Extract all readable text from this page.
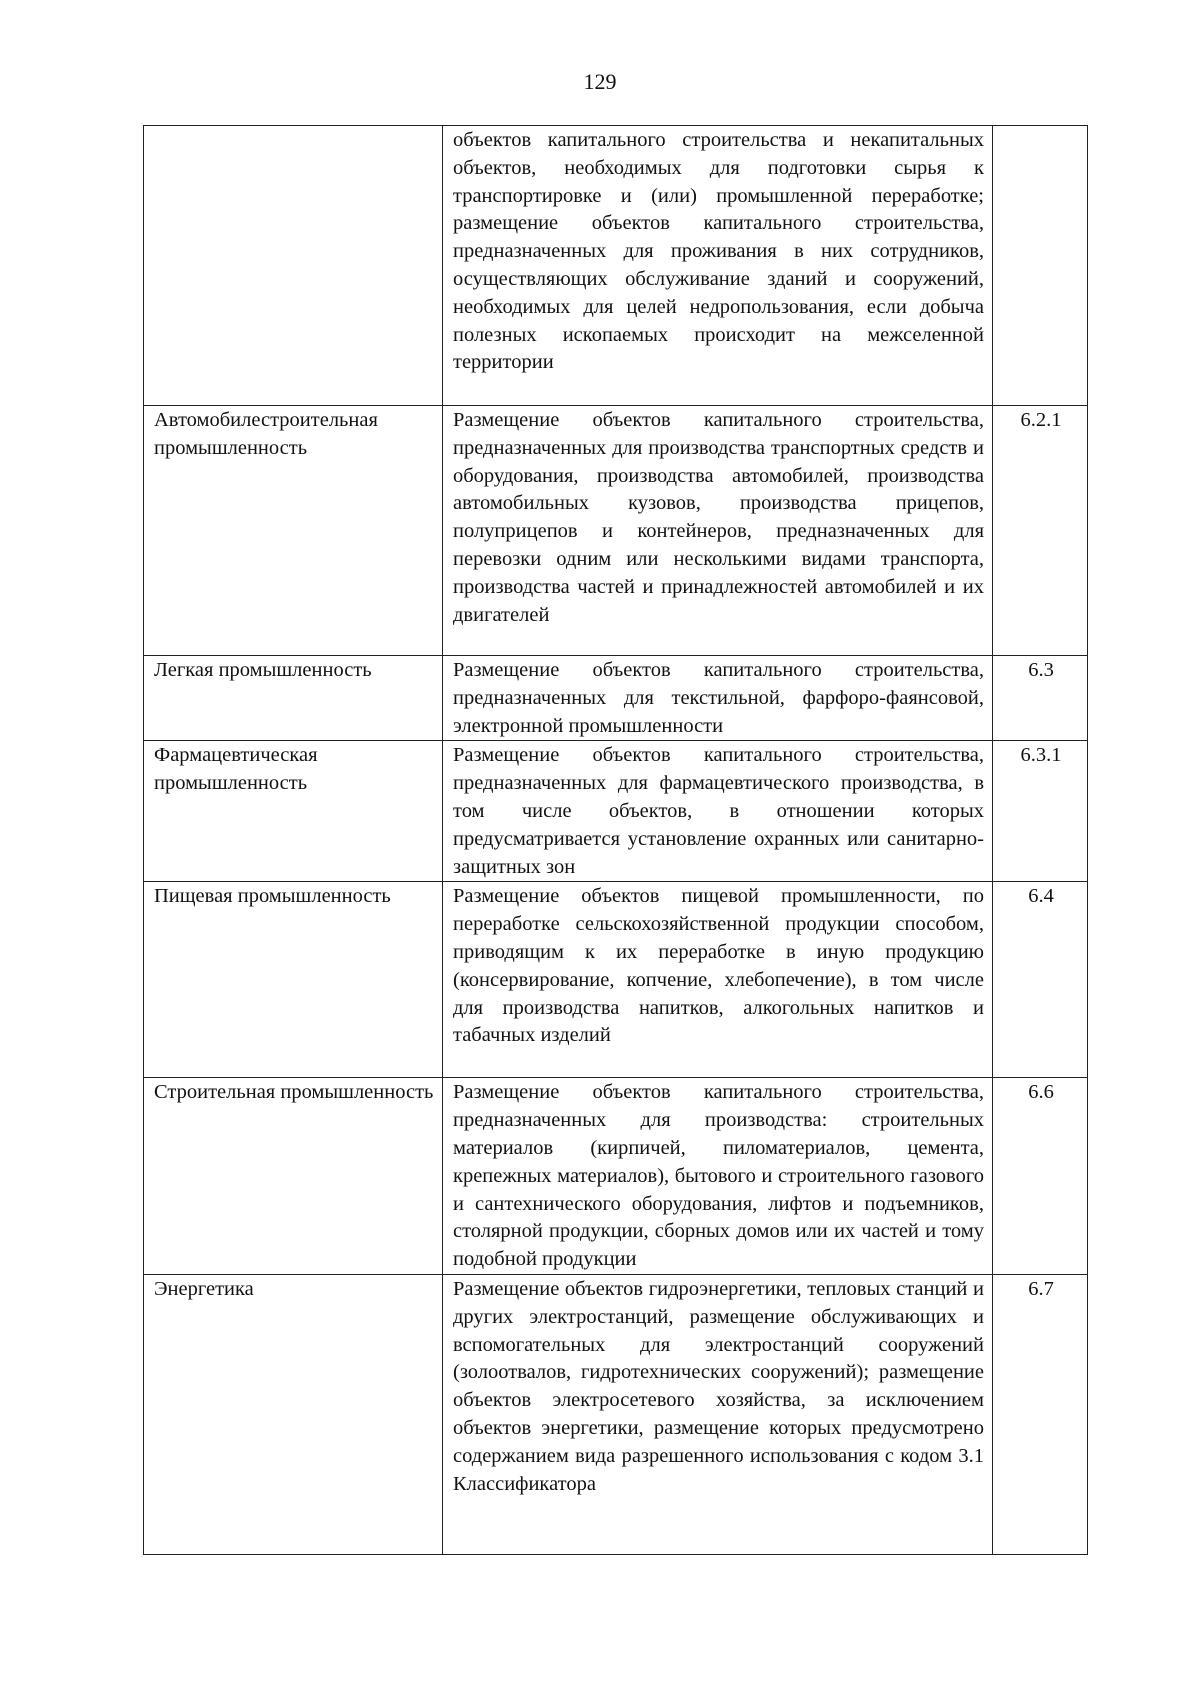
129
	объектов капитального строительства и некапитальных объектов, необходимых для подготовки сырья к транспортировке и (или) промышленной переработке; размещение объектов капитального строительства, предназначенных для проживания в них сотрудников, осуществляющих обслуживание зданий и сооружений, необходимых для целей недропользования, если добыча полезных ископаемых происходит на межселенной территории	
Автомобилестроительная промышленность	Размещение объектов капитального строительства, предназначенных для производства транспортных средств и оборудования, производства автомобилей, производства автомобильных кузовов, производства прицепов, полуприцепов и контейнеров, предназначенных для перевозки одним или несколькими видами транспорта, производства частей и принадлежностей автомобилей и их двигателей	6.2.1
Легкая промышленность	Размещение объектов капитального строительства, предназначенных для текстильной, фарфоро-фаянсовой, электронной промышленности	6.3
Фармацевтическая промышленность	Размещение объектов капитального строительства, предназначенных для фармацевтического производства, в том числе объектов, в отношении которых предусматривается установление охранных или санитарно-защитных зон	6.3.1
Пищевая промышленность	Размещение объектов пищевой промышленности, по переработке сельскохозяйственной продукции способом, приводящим к их переработке в иную продукцию (консервирование, копчение, хлебопечение), в том числе для производства напитков, алкогольных напитков и табачных изделий	6.4
Строительная промышленность	Размещение объектов капитального строительства, предназначенных для производства: строительных материалов (кирпичей, пиломатериалов, цемента, крепежных материалов), бытового и строительного газового и сантехнического оборудования, лифтов и подъемников, столярной продукции, сборных домов или их частей и тому подобной продукции	6.6
Энергетика	Размещение объектов гидроэнергетики, тепловых станций и других электростанций, размещение обслуживающих и вспомогательных для электростанций сооружений (золоотвалов, гидротехнических сооружений); размещение объектов электросетевого хозяйства, за исключением объектов энергетики, размещение которых предусмотрено содержанием вида разрешенного использования с кодом 3.1 Классификатора	6.7
